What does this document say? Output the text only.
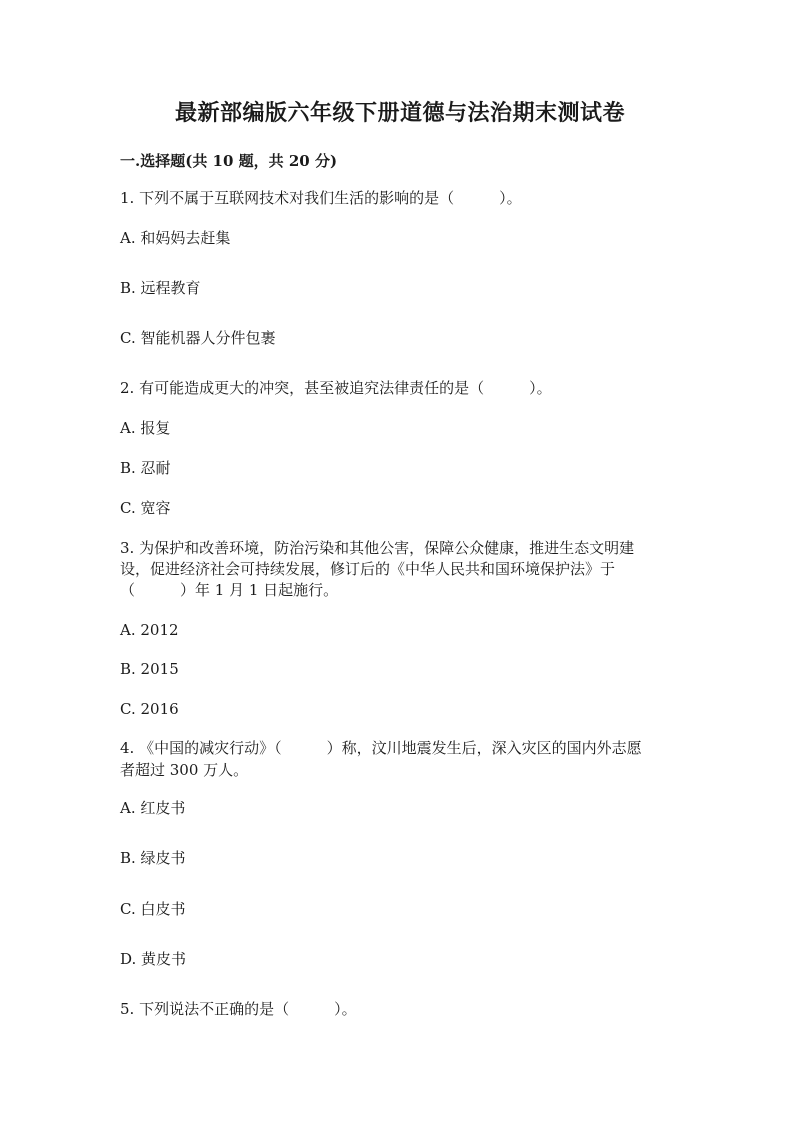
最新部编版六年级下册道德与法治期末测试卷
一.选择题(共 10 题，共 20 分)
1. 下列不属于互联网技术对我们生活的影响的是（　　　）。
A. 和妈妈去赶集
B. 远程教育
C. 智能机器人分件包裹
2. 有可能造成更大的冲突，甚至被追究法律责任的是（　　　）。
A. 报复
B. 忍耐
C. 宽容
3. 为保护和改善环境，防治污染和其他公害，保障公众健康，推进生态文明建
设，促进经济社会可持续发展，修订后的《中华人民共和国环境保护法》于
（　　　）年 1 月 1 日起施行。
A. 2012
B. 2015
C. 2016
4. 《中国的减灾行动》（　　　）称，汶川地震发生后，深入灾区的国内外志愿
者超过 300 万人。
A. 红皮书
B. 绿皮书
C. 白皮书
D. 黄皮书
5. 下列说法不正确的是（　　　）。
